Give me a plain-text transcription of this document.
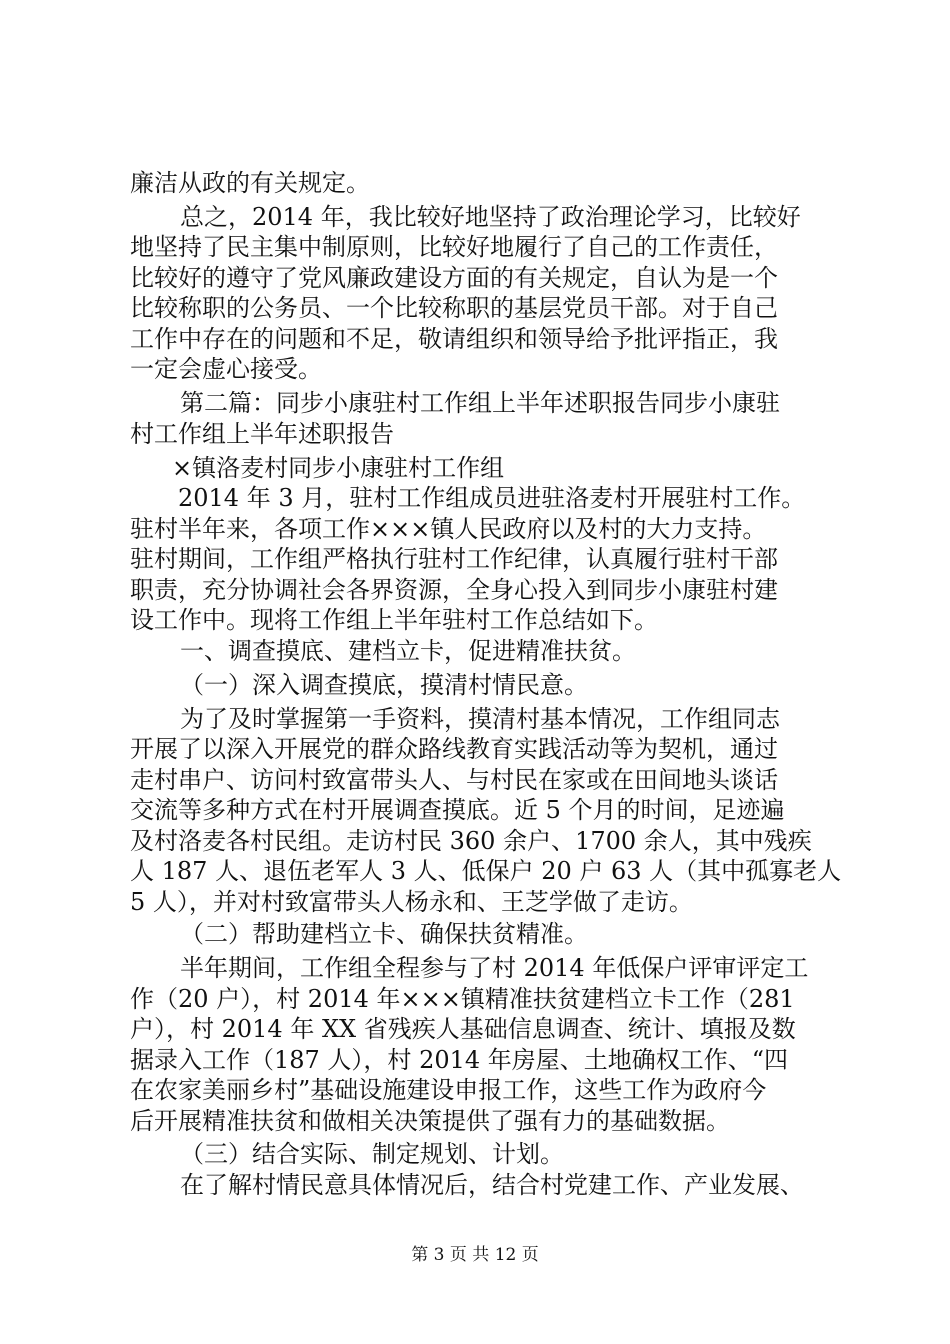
廉洁从政的有关规定。
总之，2014 年，我比较好地坚持了政治理论学习，比较好
地坚持了民主集中制原则，比较好地履行了自己的工作责任，
比较好的遵守了党风廉政建设方面的有关规定，自认为是一个
比较称职的公务员、一个比较称职的基层党员干部。对于自己
工作中存在的问题和不足，敬请组织和领导给予批评指正，我
一定会虚心接受。
第二篇：同步小康驻村工作组上半年述职报告同步小康驻
村工作组上半年述职报告
×镇洛麦村同步小康驻村工作组
2014 年 3 月，驻村工作组成员进驻洛麦村开展驻村工作。
驻村半年来，各项工作×××镇人民政府以及村的大力支持。
驻村期间，工作组严格执行驻村工作纪律，认真履行驻村干部
职责，充分协调社会各界资源，全身心投入到同步小康驻村建
设工作中。现将工作组上半年驻村工作总结如下。
一、调查摸底、建档立卡，促进精准扶贫。
（一）深入调查摸底，摸清村情民意。
为了及时掌握第一手资料，摸清村基本情况，工作组同志
开展了以深入开展党的群众路线教育实践活动等为契机，通过
走村串户、访问村致富带头人、与村民在家或在田间地头谈话
交流等多种方式在村开展调查摸底。近 5 个月的时间，足迹遍
及村洛麦各村民组。走访村民 360 余户、1700 余人，其中残疾
人 187 人、退伍老军人 3 人、低保户 20 户 63 人（其中孤寡老人
5 人），并对村致富带头人杨永和、王芝学做了走访。
（二）帮助建档立卡、确保扶贫精准。
半年期间，工作组全程参与了村 2014 年低保户评审评定工
作（20 户），村 2014 年×××镇精准扶贫建档立卡工作（281
户），村 2014 年 XX 省残疾人基础信息调查、统计、填报及数
据录入工作（187 人），村 2014 年房屋、土地确权工作、“四
在农家美丽乡村”基础设施建设申报工作，这些工作为政府今
后开展精准扶贫和做相关决策提供了强有力的基础数据。
（三）结合实际、制定规划、计划。
在了解村情民意具体情况后，结合村党建工作、产业发展、
第 3 页 共 12 页
